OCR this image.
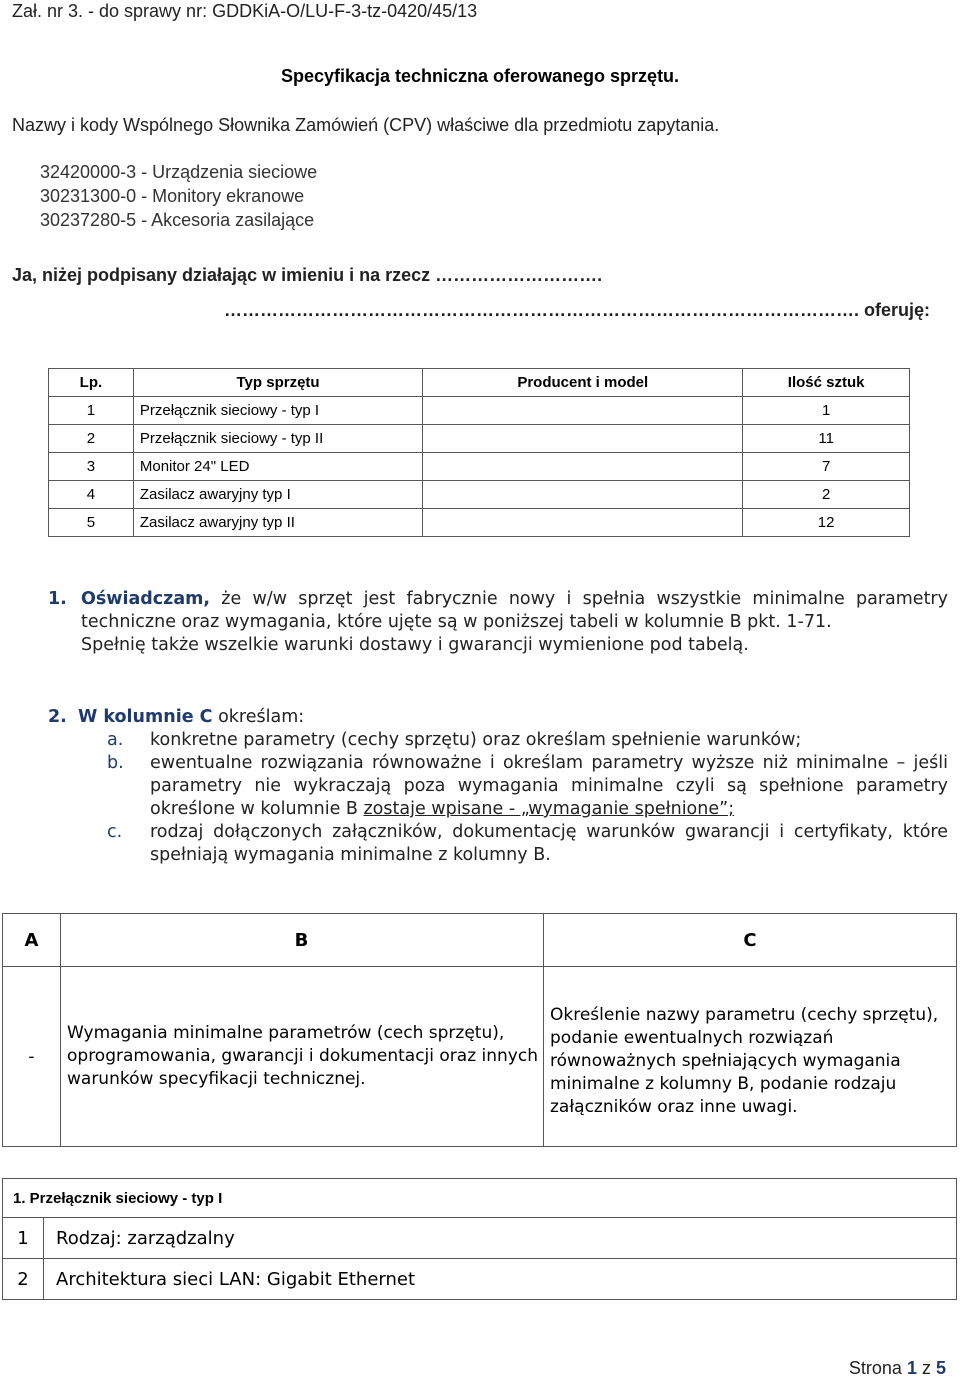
Zał. nr 3. - do sprawy nr: GDDKiA-O/LU-F-3-tz-0420/45/13
Specyfikacja techniczna oferowanego sprzętu.
Nazwy i kody Wspólnego Słownika Zamówień (CPV) właściwe dla przedmiotu zapytania.
32420000-3 - Urządzenia sieciowe
30231300-0 - Monitory ekranowe
30237280-5 - Akcesoria zasilające
Ja, niżej podpisany działając w imieniu i na rzecz ……………………….
……………………………………………………………………………………………. oferuję:
Lp.	Typ sprzętu	Producent i model	Ilość sztuk
1	Przełącznik sieciowy - typ I		1
2	Przełącznik sieciowy - typ II		11
3	Monitor 24" LED		7
4	Zasilacz awaryjny typ I		2
5	Zasilacz awaryjny typ II		12
1. Oświadczam, że w/w sprzęt jest fabrycznie nowy i spełnia wszystkie minimalne parametry techniczne oraz wymagania, które ujęte są w poniższej tabeli w kolumnie B pkt. 1-71.
Spełnię także wszelkie warunki dostawy i gwarancji wymienione pod tabelą.
2. W kolumnie C określam:
a. konkretne parametry (cechy sprzętu) oraz określam spełnienie warunków;
b. ewentualne rozwiązania równoważne i określam parametry wyższe niż minimalne – jeśli parametry nie wykraczają poza wymagania minimalne czyli są spełnione parametry określone w kolumnie B zostaje wpisane - „wymaganie spełnione”;
c. rodzaj dołączonych załączników, dokumentację warunków gwarancji i certyfikaty, które spełniają wymagania minimalne z kolumny B.
A	B	C
-	Wymagania minimalne parametrów (cech sprzętu), oprogramowania, gwarancji i dokumentacji oraz innych warunków specyfikacji technicznej.	Określenie nazwy parametru (cechy sprzętu), podanie ewentualnych rozwiązań równoważnych spełniających wymagania minimalne z kolumny B, podanie rodzaju załączników oraz inne uwagi.
1. Przełącznik sieciowy - typ I	
1	Rodzaj: zarządzalny
2	Architektura sieci LAN: Gigabit Ethernet
Strona 1 z 5
